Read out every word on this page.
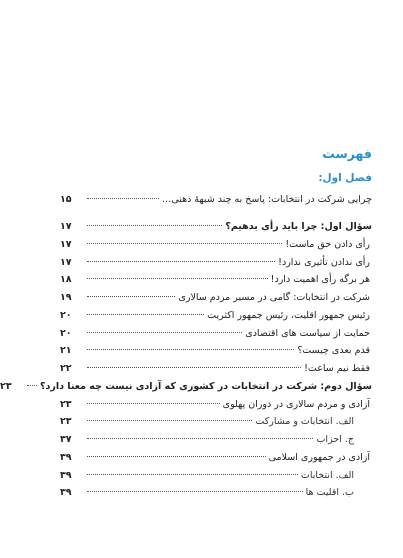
فهرست
فصل اول:
چرایی شرکت در انتخابات: پاسخ به چند شبهۀ ذهنی…
۱۵
سؤال اول: چرا باید رأی بدهیم؟
۱۷
رأی دادن حق ماست!
۱۷
رأی ندادن تأثیری ندارد!
۱۷
هر برگه رأی اهمیت دارد!
۱۸
شرکت در انتخابات: گامی در مسیر مردم سالاری
۱۹
رئیس جمهور اقلیت، رئیس جمهور اکثریت
۲۰
حمایت از سیاست های اقتصادی
۲۰
قدم بعدی چیست؟
۲۱
فقط نیم ساعت!
۲۲
سؤال دوم: شرکت در انتخابات در کشوری که آزادی نیست چه معنا دارد؟
۲۳
آزادی و مردم سالاری در دوران پهلوی
۲۳
الف. انتخابات و مشارکت
۲۳
ج. احزاب
۳۷
آزادی در جمهوری اسلامی
۳۹
الف. انتخابات
۳۹
ب. اقلیت ها
۳۹
